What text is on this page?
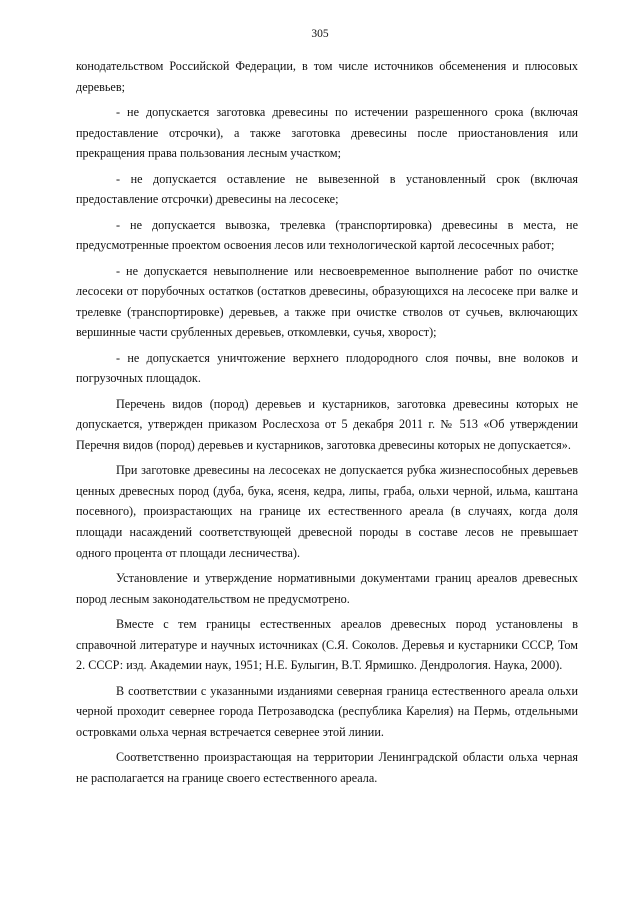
305

конодательством Российской Федерации, в том числе источников обсеменения и плюсовых деревьев;

- не допускается заготовка древесины по истечении разрешенного срока (включая предоставление отсрочки), а также заготовка древесины после приостановления или прекращения права пользования лесным участком;

- не допускается оставление не вывезенной в установленный срок (включая предоставление отсрочки) древесины на лесосеке;

- не допускается вывозка, трелевка (транспортировка) древесины в места, не предусмотренные проектом освоения лесов или технологической картой лесосечных работ;

- не допускается невыполнение или несвоевременное выполнение работ по очистке лесосеки от порубочных остатков (остатков древесины, образующихся на лесосеке при валке и трелевке (транспортировке) деревьев, а также при очистке стволов от сучьев, включающих вершинные части срубленных деревьев, откомлевки, сучья, хворост);

- не допускается уничтожение верхнего плодородного слоя почвы, вне волоков и погрузочных площадок.

Перечень видов (пород) деревьев и кустарников, заготовка древесины которых не допускается, утвержден приказом Рослесхоза от 5 декабря 2011 г. № 513 «Об утверждении Перечня видов (пород) деревьев и кустарников, заготовка древесины которых не допускается».

При заготовке древесины на лесосеках не допускается рубка жизнеспособных деревьев ценных древесных пород (дуба, бука, ясеня, кедра, липы, граба, ольхи черной, ильма, каштана посевного), произрастающих на границе их естественного ареала (в случаях, когда доля площади насаждений соответствующей древесной породы в составе лесов не превышает одного процента от площади лесничества).

Установление и утверждение нормативными документами границ ареалов древесных пород лесным законодательством не предусмотрено.

Вместе с тем границы естественных ареалов древесных пород установлены в справочной литературе и научных источниках (С.Я. Соколов. Деревья и кустарники СССР, Том 2. СССР: изд. Академии наук, 1951; Н.Е. Булыгин, В.Т. Ярмишко. Дендрология. Наука, 2000).

В соответствии с указанными изданиями северная граница естественного ареала ольхи черной проходит севернее города Петрозаводска (республика Карелия) на Пермь, отдельными островками ольха черная встречается севернее этой линии.

Соответственно произрастающая на территории Ленинградской области ольха черная не располагается на границе своего естественного ареала.
